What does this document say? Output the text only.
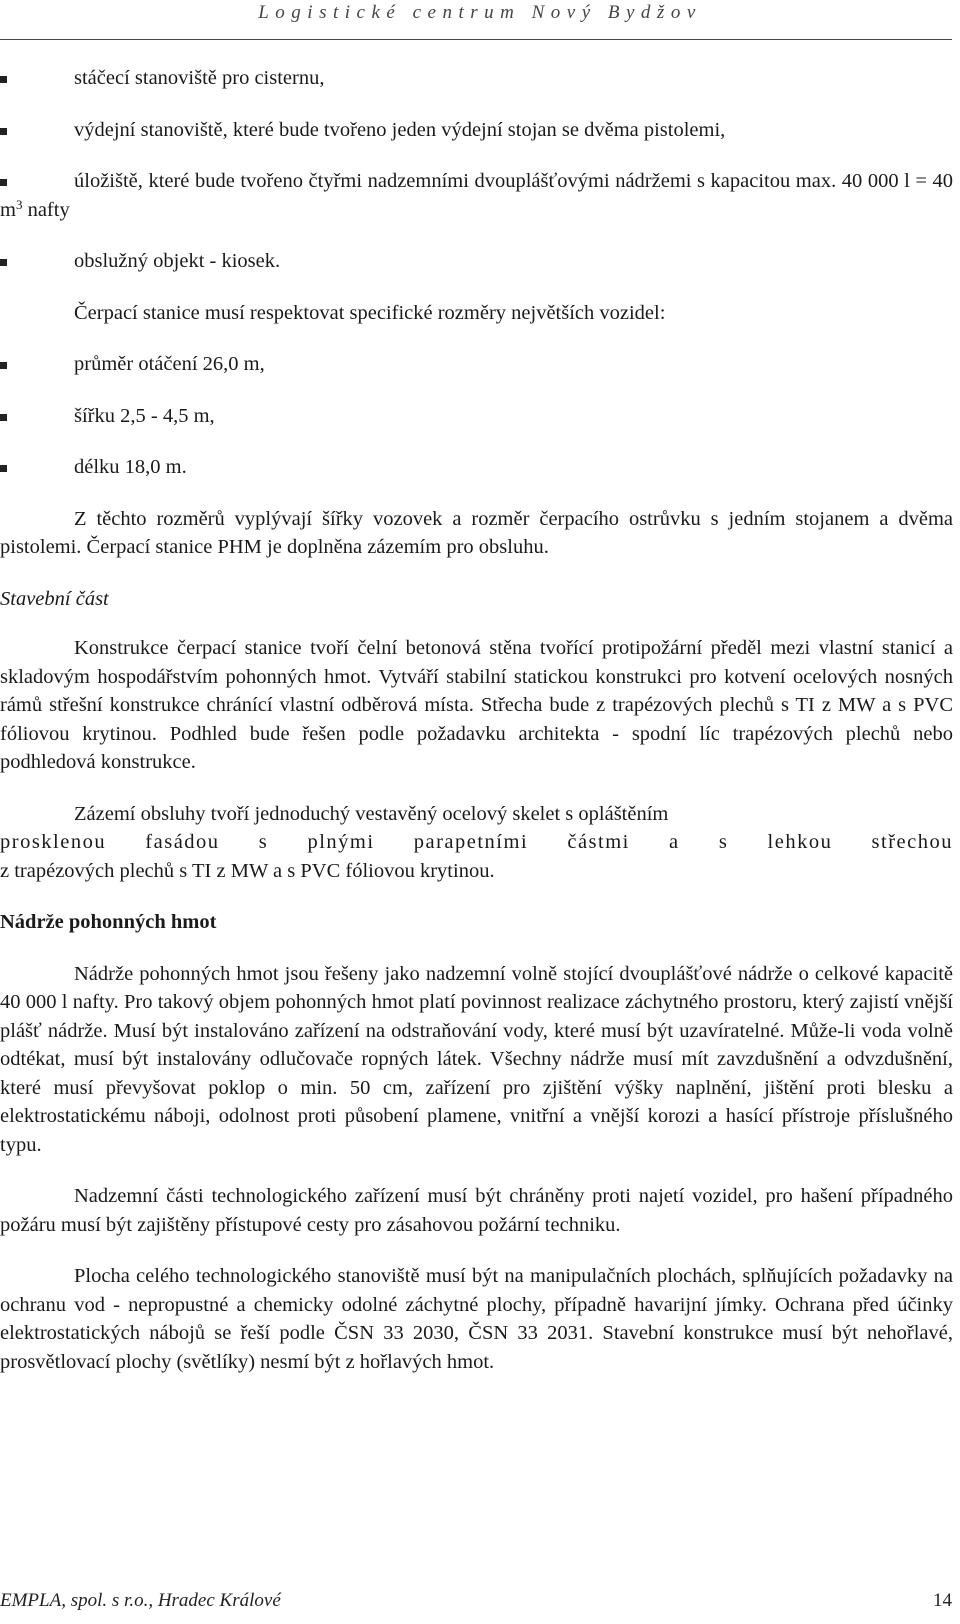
Logistické centrum Nový Bydžov
stáčecí stanoviště pro cisternu,
výdejní stanoviště, které bude tvořeno jeden výdejní stojan se dvěma pistolemi,
úložiště, které bude tvořeno čtyřmi nadzemními dvouplášťovými nádržemi s kapacitou max. 40 000 l = 40 $m^3$ nafty
obslužný objekt - kiosek.

Čerpací stanice musí respektovat specifické rozměry největších vozidel:

průměr otáčení 26,0 m,
šířku 2,5 - 4,5 m,
délku 18,0 m.

Z těchto rozměrů vyplývají šířky vozovek a rozměr čerpacího ostrůvku s jedním stojanem a dvěma pistolemi. Čerpací stanice PHM je doplněna zázemím pro obsluhu.

Stavební část

Konstrukce čerpací stanice tvoří čelní betonová stěna tvořící protipožární předěl mezi vlastní stanicí a skladovým hospodářstvím pohonných hmot. Vytváří stabilní statickou konstrukci pro kotvení ocelových nosných rámů střešní konstrukce chránící vlastní odběrová místa. Střecha bude z trapézových plechů s TI z MW a s PVC fóliovou krytinou. Podhled bude řešen podle požadavku architekta - spodní líc trapézových plechů nebo podhledová konstrukce.

Zázemí obsluhy tvoří jednoduchý vestavěný ocelový skelet s opláštěním

prosklenou fasádou s plnými parapetními částmi a s lehkou střechou
z trapézových plechů s TI z MW a s PVC fóliovou krytinou.

Nádrže pohonných hmot

Nádrže pohonných hmot jsou řešeny jako nadzemní volně stojící dvouplášťové nádrže o celkové kapacitě 40 000 l nafty. Pro takový objem pohonných hmot platí povinnost realizace záchytného prostoru, který zajistí vnější plášť nádrže. Musí být instalováno zařízení na odstraňování vody, které musí být uzavíratelné. Může-li voda volně odtékat, musí být instalovány odlučovače ropných látek. Všechny nádrže musí mít zavzdušnění a odvzdušnění, které musí převyšovat poklop o min. 50 cm, zařízení pro zjištění výšky naplnění, jištění proti blesku a elektrostatickému náboji, odolnost proti působení plamene, vnitřní a vnější korozi a hasící přístroje příslušného typu.

Nadzemní části technologického zařízení musí být chráněny proti najetí vozidel, pro hašení případného požáru musí být zajištěny přístupové cesty pro zásahovou požární techniku.

Plocha celého technologického stanoviště musí být na manipulačních plochách, splňujících požadavky na ochranu vod - nepropustné a chemicky odolné záchytné plochy, případně havarijní jímky. Ochrana před účinky elektrostatických nábojů se řeší podle ČSN 33 2030, ČSN 33 2031. Stavební konstrukce musí být nehořlavé, prosvětlovací plochy (světlíky) nesmí být z hořlavých hmot.

EMPLA, spol. s r.o., Hradec Králové	14
